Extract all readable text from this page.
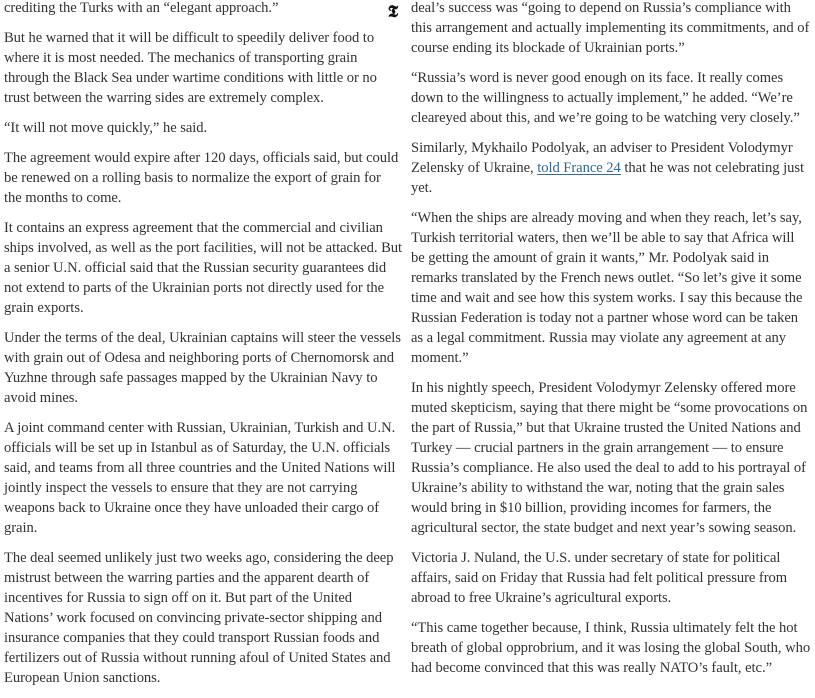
𝕿

crediting the Turks with an “elegant approach.”

But he warned that it will be difficult to speedily deliver food to where it is most needed. The mechanics of transporting grain through the Black Sea under wartime conditions with little or no trust between the warring sides are extremely complex.

“It will not move quickly,” he said.

The agreement would expire after 120 days, officials said, but could be renewed on a rolling basis to normalize the export of grain for the months to come.

It contains an express agreement that the commercial and civilian ships involved, as well as the port facilities, will not be attacked. But a senior U.N. official said that the Russian security guarantees did not extend to parts of the Ukrainian ports not directly used for the grain exports.

Under the terms of the deal, Ukrainian captains will steer the vessels with grain out of Odesa and neighboring ports of Chernomorsk and Yuzhne through safe passages mapped by the Ukrainian Navy to avoid mines.

A joint command center with Russian, Ukrainian, Turkish and U.N. officials will be set up in Istanbul as of Saturday, the U.N. officials said, and teams from all three countries and the United Nations will jointly inspect the vessels to ensure that they are not carrying weapons back to Ukraine once they have unloaded their cargo of grain.

The deal seemed unlikely just two weeks ago, considering the deep mistrust between the warring parties and the apparent dearth of incentives for Russia to sign off on it. But part of the United Nations’ work focused on convincing private-sector shipping and insurance companies that they could transport Russian foods and fertilizers out of Russia without running afoul of United States and European Union sanctions.

deal’s success was “going to depend on Russia’s compliance with this arrangement and actually implementing its commitments, and of course ending its blockade of Ukrainian ports.”

“Russia’s word is never good enough on its face. It really comes down to the willingness to actually implement,” he added. “We’re cleareyed about this, and we’re going to be watching very closely.”

Similarly, Mykhailo Podolyak, an adviser to President Volodymyr Zelensky of Ukraine, told France 24 that he was not celebrating just yet.

“When the ships are already moving and when they reach, let’s say, Turkish territorial waters, then we’ll be able to say that Africa will be getting the amount of grain it wants,” Mr. Podolyak said in remarks translated by the French news outlet. “So let’s give it some time and wait and see how this system works. I say this because the Russian Federation is today not a partner whose word can be taken as a legal commitment. Russia may violate any agreement at any moment.”

In his nightly speech, President Volodymyr Zelensky offered more muted skepticism, saying that there might be “some provocations on the part of Russia,” but that Ukraine trusted the United Nations and Turkey — crucial partners in the grain arrangement — to ensure Russia’s compliance. He also used the deal to add to his portrayal of Ukraine’s ability to withstand the war, noting that the grain sales would bring in $10 billion, providing incomes for farmers, the agricultural sector, the state budget and next year’s sowing season.

Victoria J. Nuland, the U.S. under secretary of state for political affairs, said on Friday that Russia had felt political pressure from abroad to free Ukraine’s agricultural exports.

“This came together because, I think, Russia ultimately felt the hot breath of global opprobrium, and it was losing the global South, who had become convinced that this was really NATO’s fault, etc.”
